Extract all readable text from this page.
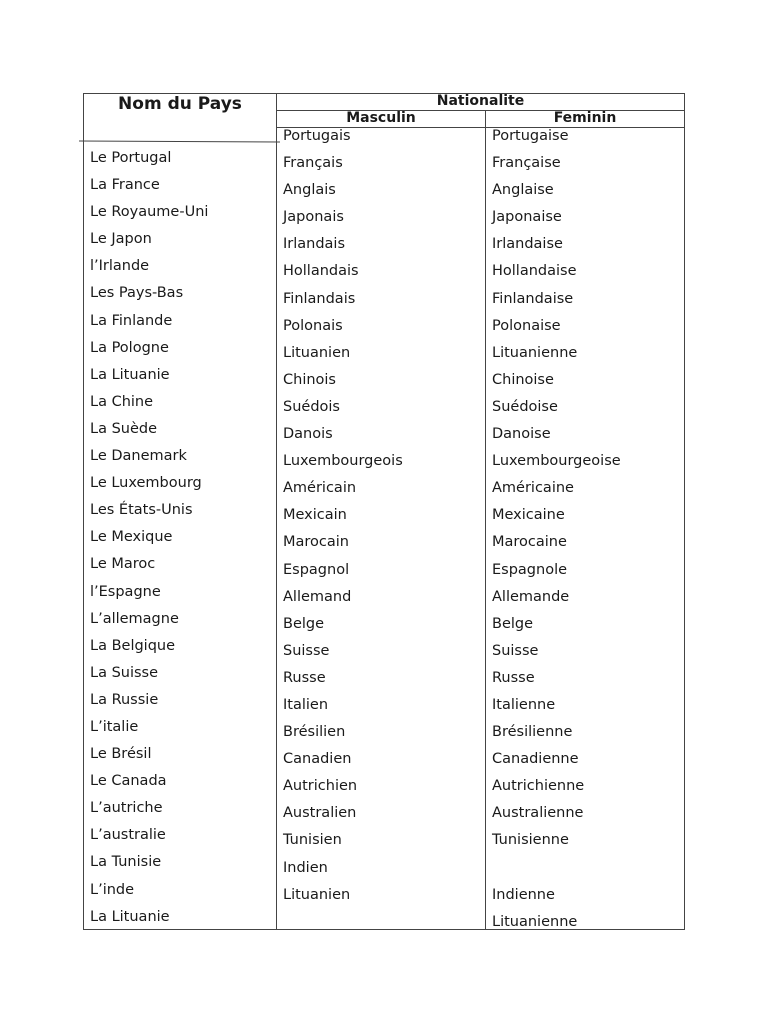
Nom du Pays	Nationalite
Masculin	Feminin
Le Portugal
La France
Le Royaume-Uni
Le Japon
l’Irlande
Les Pays-Bas
La Finlande
La Pologne
La Lituanie
La Chine
La Suède
Le Danemark
Le Luxembourg
Les États-Unis
Le Mexique
Le Maroc
l’Espagne
L’allemagne
La Belgique
La Suisse
La Russie
L’italie
Le Brésil
Le Canada
L’autriche
L’australie
La Tunisie
L’inde
La Lituanie
Portugais
Français
Anglais
Japonais
Irlandais
Hollandais
Finlandais
Polonais
Lituanien
Chinois
Suédois
Danois
Luxembourgeois
Américain
Mexicain
Marocain
Espagnol
Allemand
Belge
Suisse
Russe
Italien
Brésilien
Canadien
Autrichien
Australien
Tunisien
Indien
Lituanien
Portugaise
Française
Anglaise
Japonaise
Irlandaise
Hollandaise
Finlandaise
Polonaise
Lituanienne
Chinoise
Suédoise
Danoise
Luxembourgeoise
Américaine
Mexicaine
Marocaine
Espagnole
Allemande
Belge
Suisse
Russe
Italienne
Brésilienne
Canadienne
Autrichienne
Australienne
Tunisienne

Indienne
Lituanienne
